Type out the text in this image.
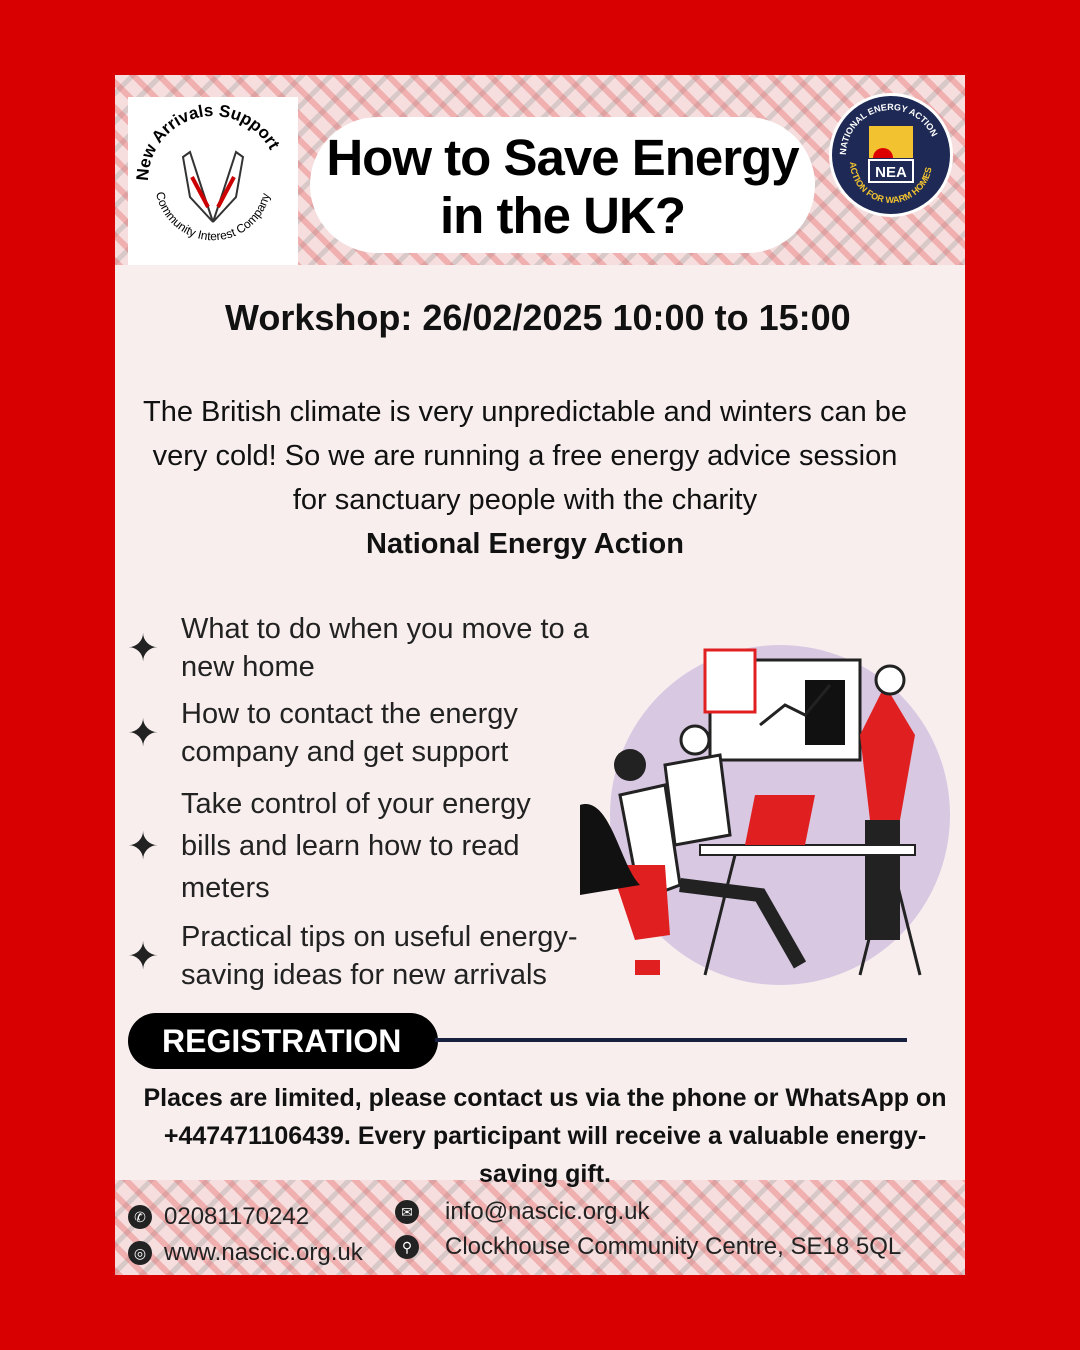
New Arrivals Support
Community Interest Company
How to Save Energy
in the UK?
NATIONAL ENERGY ACTION
ACTION FOR WARM HOMES
NEA
Workshop: 26/02/2025 10:00 to 15:00
The British climate is very unpredictable and winters can be very cold! So we are running a free energy advice session for sanctuary people with the charity
National Energy Action
✦ What to do when you move to a new home
✦ How to contact the energy company and get support
✦
Take control of your energy bills and learn how to read meters
✦ Practical tips on useful energy-saving ideas for new arrivals
REGISTRATION
Places are limited, please contact us via the phone or WhatsApp on +447471106439. Every participant will receive a valuable energy-saving gift.
✆ 02081170242	✉ info@nascic.org.uk
◎ www.nascic.org.uk	⚲ Clockhouse Community Centre, SE18 5QL
